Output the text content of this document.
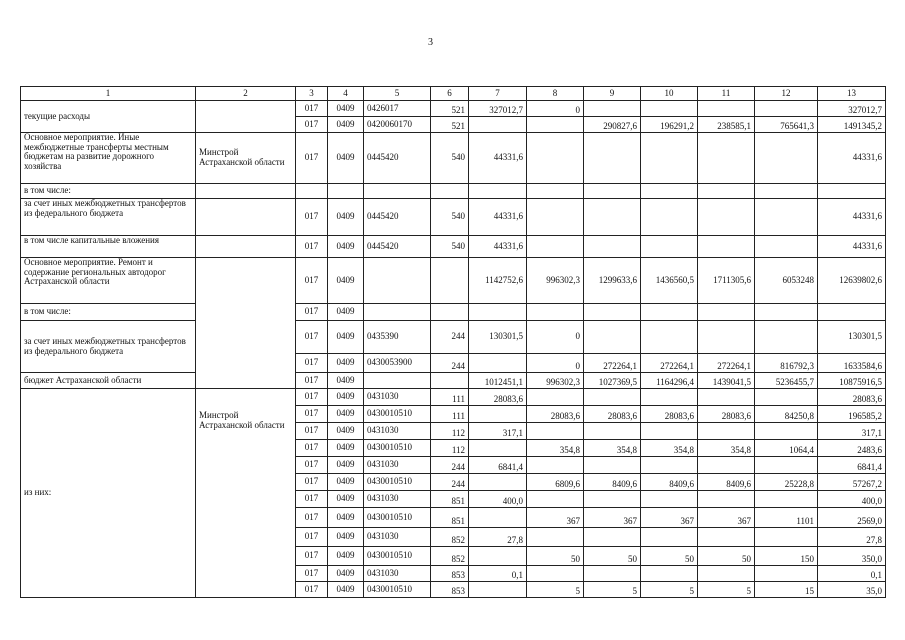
3
1	2	3	4	5	6	7	8	9	10	11	12	13
текущие расходы		017	0409	0426017	521	327012,7	0					327012,7
		017	0409	0420060170	521			290827,6	196291,2	238585,1	765641,3	1491345,2
Основное мероприятие. Иные межбюджетные трансферты местным бюджетам на развитие дорожного хозяйства	Минстрой Астраханской области	017	0409	0445420	540	44331,6						44331,6
в том числе:												
за счет иных межбюджетных трансфертов из федерального бюджета		017	0409	0445420	540	44331,6						44331,6
в том числе капитальные вложения		017	0409	0445420	540	44331,6						44331,6
Основное мероприятие. Ремонт и содержание региональных автодорог Астраханской области		017	0409			1142752,6	996302,3	1299633,6	1436560,5	1711305,6	6053248	12639802,6
в том числе:		017	0409									
за счет иных межбюджетных трансфертов из федерального бюджета		017	0409	0435390	244	130301,5	0					130301,5
		017	0409	0430053900	244		0	272264,1	272264,1	272264,1	816792,3	1633584,6
бюджет Астраханской области		017	0409			1012451,1	996302,3	1027369,5	1164296,4	1439041,5	5236455,7	10875916,5
из них:	Минстрой Астраханской области	017	0409	0431030	111	28083,6						28083,6
		017	0409	0430010510	111		28083,6	28083,6	28083,6	28083,6	84250,8	196585,2
		017	0409	0431030	112	317,1						317,1
		017	0409	0430010510	112		354,8	354,8	354,8	354,8	1064,4	2483,6
		017	0409	0431030	244	6841,4						6841,4
		017	0409	0430010510	244		6809,6	8409,6	8409,6	8409,6	25228,8	57267,2
		017	0409	0431030	851	400,0						400,0
		017	0409	0430010510	851		367	367	367	367	1101	2569,0
		017	0409	0431030	852	27,8						27,8
		017	0409	0430010510	852		50	50	50	50	150	350,0
		017	0409	0431030	853	0,1						0,1
		017	0409	0430010510	853		5	5	5	5	15	35,0
